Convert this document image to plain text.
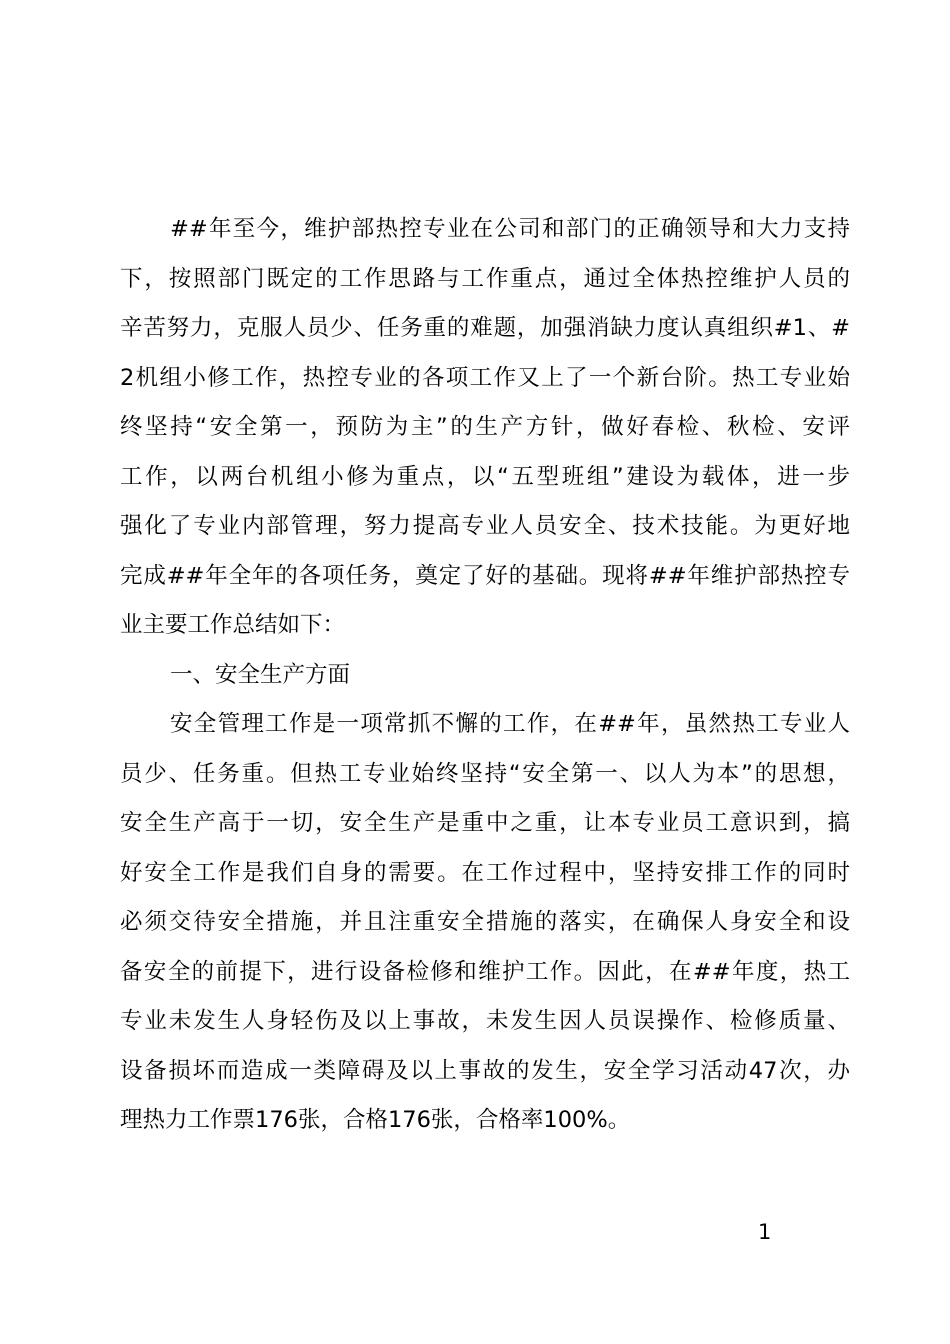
##年至今，维护部热控专业在公司和部门的正确领导和大力支持
下，按照部门既定的工作思路与工作重点，通过全体热控维护人员的
辛苦努力，克服人员少、任务重的难题，加强消缺力度认真组织#1、#
2机组小修工作，热控专业的各项工作又上了一个新台阶。热工专业始
终坚持“安全第一，预防为主”的生产方针，做好春检、秋检、安评
工作，以两台机组小修为重点，以“五型班组”建设为载体，进一步
强化了专业内部管理，努力提高专业人员安全、技术技能。为更好地
完成##年全年的各项任务，奠定了好的基础。现将##年维护部热控专
业主要工作总结如下：
一、安全生产方面
安全管理工作是一项常抓不懈的工作，在##年，虽然热工专业人
员少、任务重。但热工专业始终坚持“安全第一、以人为本”的思想，
安全生产高于一切，安全生产是重中之重，让本专业员工意识到，搞
好安全工作是我们自身的需要。在工作过程中，坚持安排工作的同时
必须交待安全措施，并且注重安全措施的落实，在确保人身安全和设
备安全的前提下，进行设备检修和维护工作。因此，在##年度，热工
专业未发生人身轻伤及以上事故，未发生因人员误操作、检修质量、
设备损坏而造成一类障碍及以上事故的发生，安全学习活动47次，办
理热力工作票176张，合格176张，合格率100%。
1
